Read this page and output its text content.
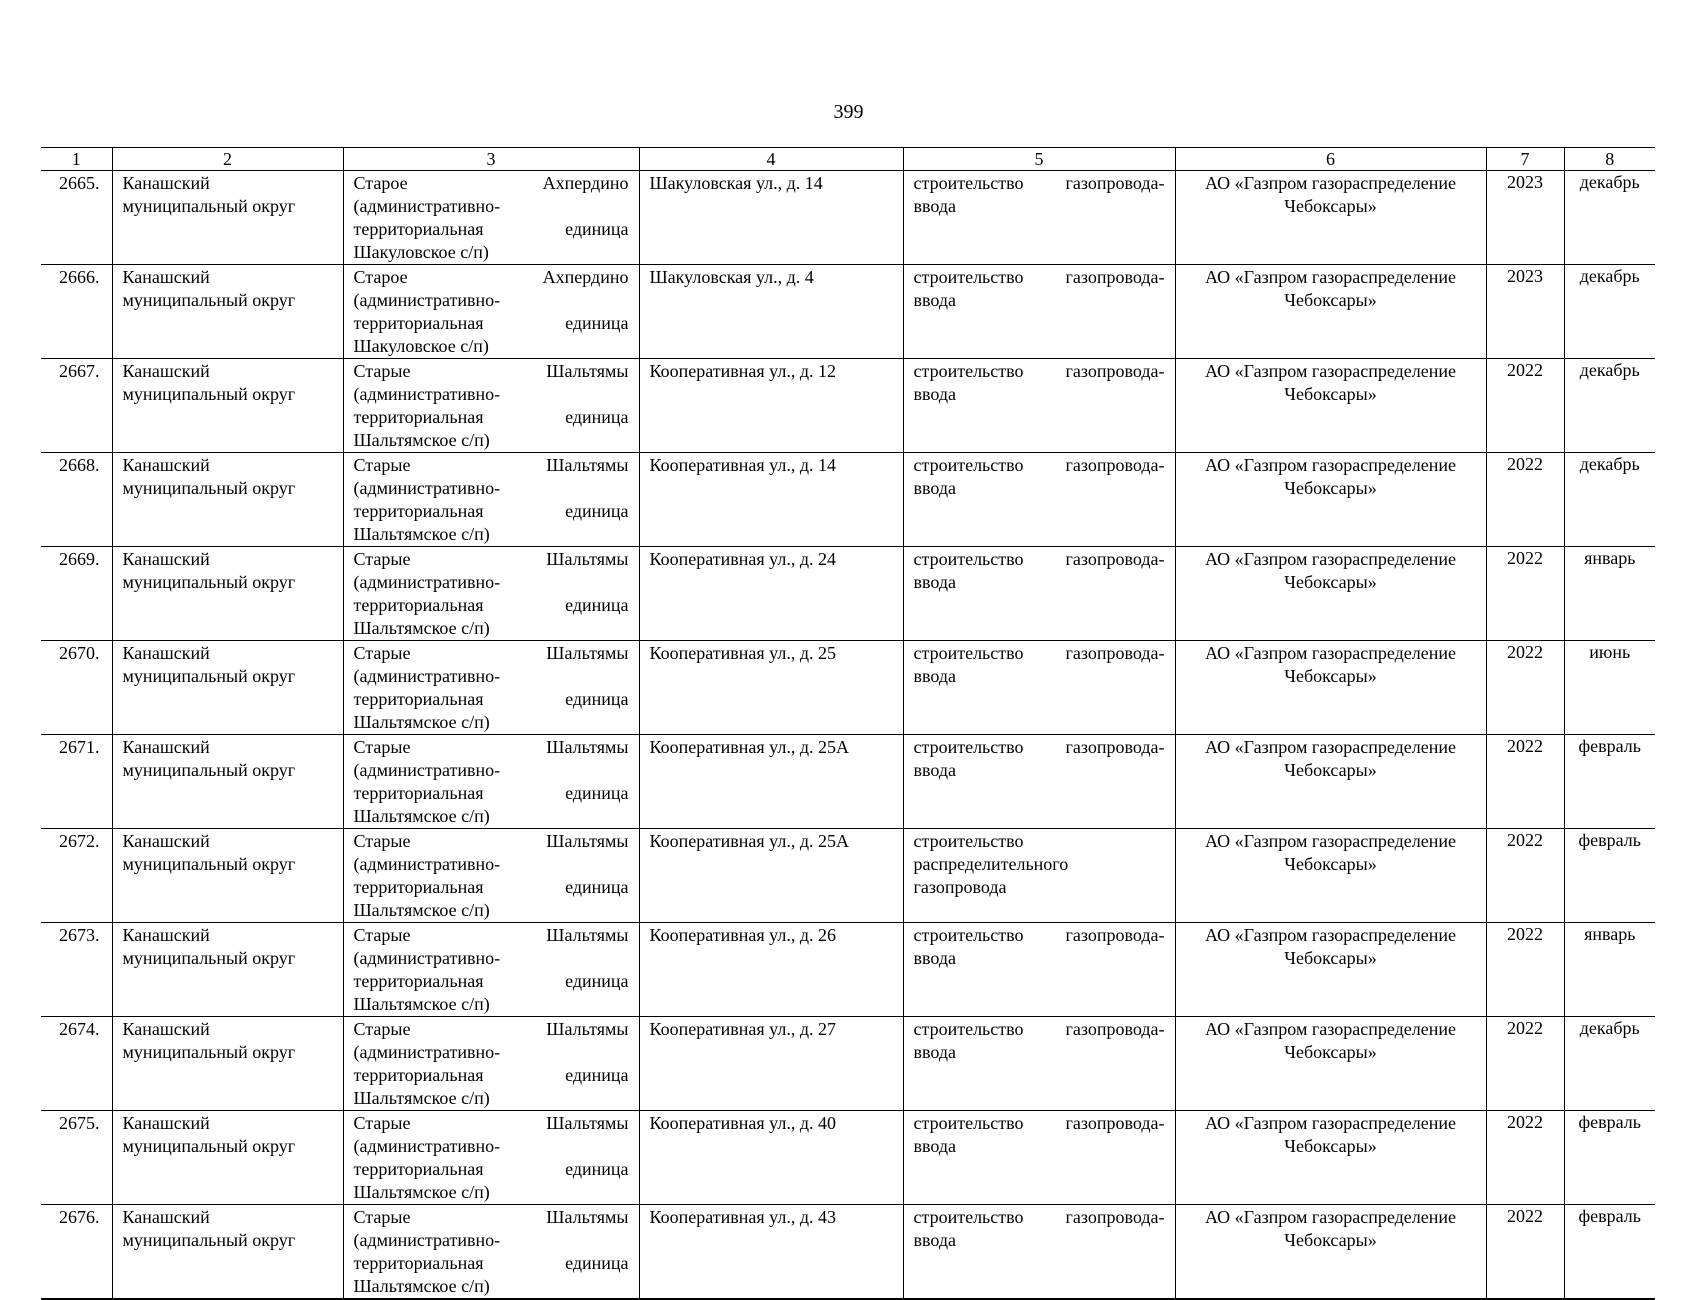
399
1	2	3	4	5	6	7	8
2665.	Канашский муниципальный округ	Старое Ахпердино (административно-территориальная единица Шакуловское с/п)	Шакуловская ул., д. 14	строительство газопровода-ввода	АО «Газпром газораспределение Чебоксары»	2023	декабрь
2666.	Канашский муниципальный округ	Старое Ахпердино (административно-территориальная единица Шакуловское с/п)	Шакуловская ул., д. 4	строительство газопровода-ввода	АО «Газпром газораспределение Чебоксары»	2023	декабрь
2667.	Канашский муниципальный округ	Старые Шальтямы (административно-территориальная единица Шальтямское с/п)	Кооперативная ул., д. 12	строительство газопровода-ввода	АО «Газпром газораспределение Чебоксары»	2022	декабрь
2668.	Канашский муниципальный округ	Старые Шальтямы (административно-территориальная единица Шальтямское с/п)	Кооперативная ул., д. 14	строительство газопровода-ввода	АО «Газпром газораспределение Чебоксары»	2022	декабрь
2669.	Канашский муниципальный округ	Старые Шальтямы (административно-территориальная единица Шальтямское с/п)	Кооперативная ул., д. 24	строительство газопровода-ввода	АО «Газпром газораспределение Чебоксары»	2022	январь
2670.	Канашский муниципальный округ	Старые Шальтямы (административно-территориальная единица Шальтямское с/п)	Кооперативная ул., д. 25	строительство газопровода-ввода	АО «Газпром газораспределение Чебоксары»	2022	июнь
2671.	Канашский муниципальный округ	Старые Шальтямы (административно-территориальная единица Шальтямское с/п)	Кооперативная ул., д. 25А	строительство газопровода-ввода	АО «Газпром газораспределение Чебоксары»	2022	февраль
2672.	Канашский муниципальный округ	Старые Шальтямы (административно-территориальная единица Шальтямское с/п)	Кооперативная ул., д. 25А	строительство распределительного газопровода	АО «Газпром газораспределение Чебоксары»	2022	февраль
2673.	Канашский муниципальный округ	Старые Шальтямы (административно-территориальная единица Шальтямское с/п)	Кооперативная ул., д. 26	строительство газопровода-ввода	АО «Газпром газораспределение Чебоксары»	2022	январь
2674.	Канашский муниципальный округ	Старые Шальтямы (административно-территориальная единица Шальтямское с/п)	Кооперативная ул., д. 27	строительство газопровода-ввода	АО «Газпром газораспределение Чебоксары»	2022	декабрь
2675.	Канашский муниципальный округ	Старые Шальтямы (административно-территориальная единица Шальтямское с/п)	Кооперативная ул., д. 40	строительство газопровода-ввода	АО «Газпром газораспределение Чебоксары»	2022	февраль
2676.	Канашский муниципальный округ	Старые Шальтямы (административно-территориальная единица Шальтямское с/п)	Кооперативная ул., д. 43	строительство газопровода-ввода	АО «Газпром газораспределение Чебоксары»	2022	февраль
